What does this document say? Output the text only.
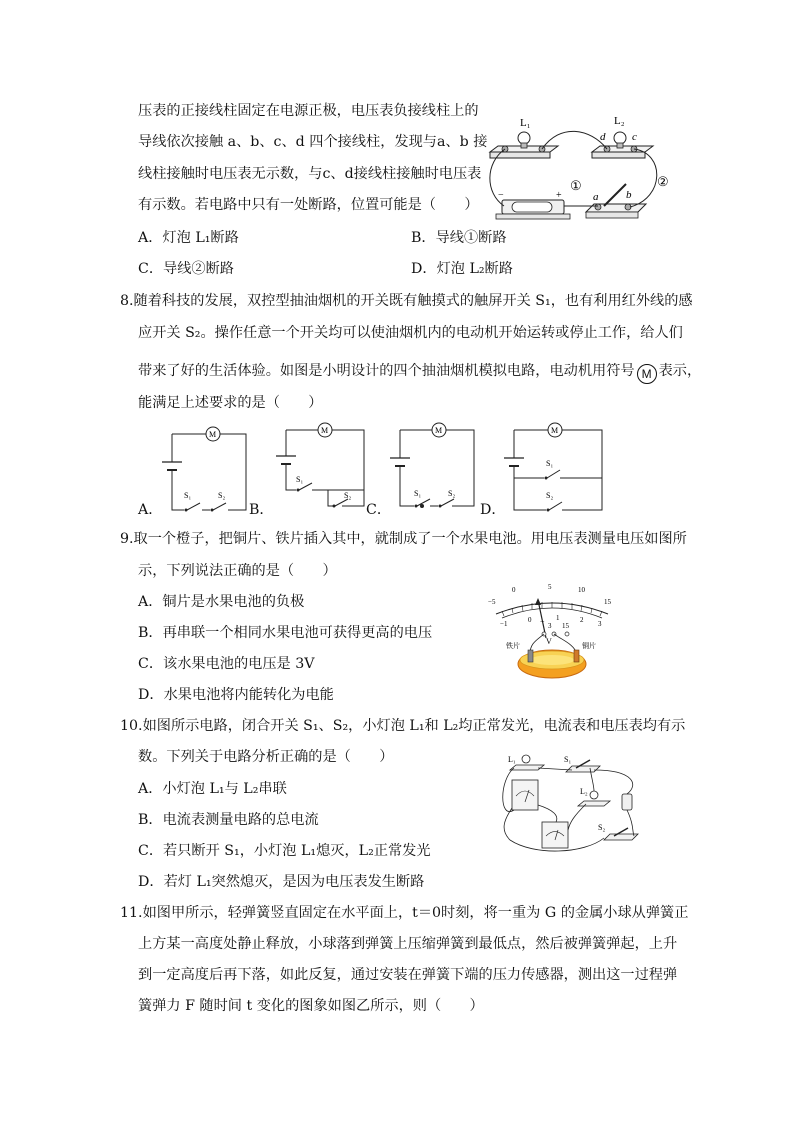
压表的正接线柱固定在电源正极，电压表负接线柱上的
导线依次接触 a、b、c、d 四个接线柱，发现与a、b 接
线柱接触时电压表无示数，与c、d接线柱接触时电压表
有示数。若电路中只有一处断路，位置可能是（　　）
A．灯泡 L₁断路	B．导线①断路
C．导线②断路	D．灯泡 L₂断路
L₁	L₂
d c
−	+	a	b
①	②
8.随着科技的发展，双控型抽油烟机的开关既有触摸式的触屏开关 S₁，也有利用红外线的感
应开关 S₂。操作任意一个开关均可以使油烟机内的电动机开始运转或停止工作，给人们
带来了好的生活体验。如图是小明设计的四个抽油烟机模拟电路，电动机用符号 M 表示，
能满足上述要求的是（　　）
A．	B．	C．	D．
M
S₁	S₂
M
S₁
S₂
M
S₁	S₂
M
S₁
S₂
9.取一个橙子，把铜片、铁片插入其中，就制成了一个水果电池。用电压表测量电压如图所
示，下列说法正确的是（　　）
A．铜片是水果电池的负极
B．再串联一个相同水果电池可获得更高的电压
C．该水果电池的电压是 3V
D．水果电池将内能转化为电能
−5
0	5	10
15
−1	0	1	2 3
− 3 15
V
铁片	铜片
10.如图所示电路，闭合开关 S₁、S₂，小灯泡 L₁和 L₂均正常发光，电流表和电压表均有示
数。下列关于电路分析正确的是（　　）
A．小灯泡 L₁与 L₂串联
B．电流表测量电路的总电流
C．若只断开 S₁，小灯泡 L₁熄灭，L₂正常发光
D．若灯 L₁突然熄灭，是因为电压表发生断路
L₁	S₁
L₂
S₂
11.如图甲所示，轻弹簧竖直固定在水平面上，t＝0时刻，将一重为 G 的金属小球从弹簧正
上方某一高度处静止释放，小球落到弹簧上压缩弹簧到最低点，然后被弹簧弹起，上升
到一定高度后再下落，如此反复，通过安装在弹簧下端的压力传感器，测出这一过程弹
簧弹力 F 随时间 t 变化的图象如图乙所示，则（　　）
